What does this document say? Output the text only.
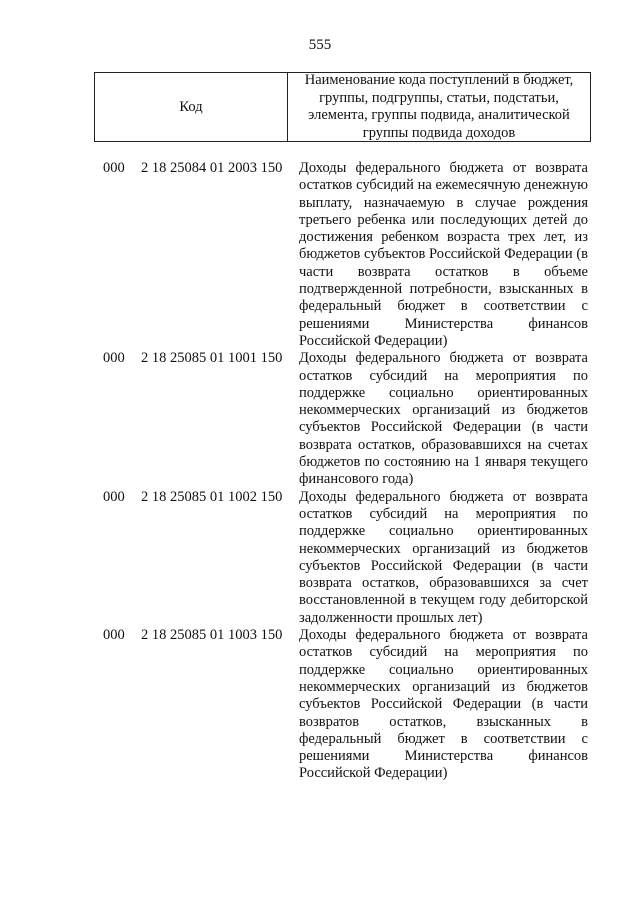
555
Код
Наименование кода поступлений в бюджет,
группы, подгруппы, статьи, подстатьи,
элемента, группы подвида, аналитической
группы подвида доходов
000 2 18 25084 01 2003 150 Доходы федерального бюджета от возврата остатков субсидий на ежемесячную денежную выплату, назначаемую в случае рождения третьего ребенка или последующих детей до достижения ребенком возраста трех лет, из бюджетов субъектов Российской Федерации (в части возврата остатков в объеме подтвержденной потребности, взысканных в федеральный бюджет в соответствии с решениями Министерства финансов Российской Федерации)
000 2 18 25085 01 1001 150 Доходы федерального бюджета от возврата остатков субсидий на мероприятия по поддержке социально ориентированных некоммерческих организаций из бюджетов субъектов Российской Федерации (в части возврата остатков, образовавшихся на счетах бюджетов по состоянию на 1 января текущего финансового года)
000 2 18 25085 01 1002 150 Доходы федерального бюджета от возврата остатков субсидий на мероприятия по поддержке социально ориентированных некоммерческих организаций из бюджетов субъектов Российской Федерации (в части возврата остатков, образовавшихся за счет восстановленной в текущем году дебиторской задолженности прошлых лет)
000 2 18 25085 01 1003 150 Доходы федерального бюджета от возврата остатков субсидий на мероприятия по поддержке социально ориентированных некоммерческих организаций из бюджетов субъектов Российской Федерации (в части возвратов остатков, взысканных в федеральный бюджет в соответствии с решениями Министерства финансов Российской Федерации)
